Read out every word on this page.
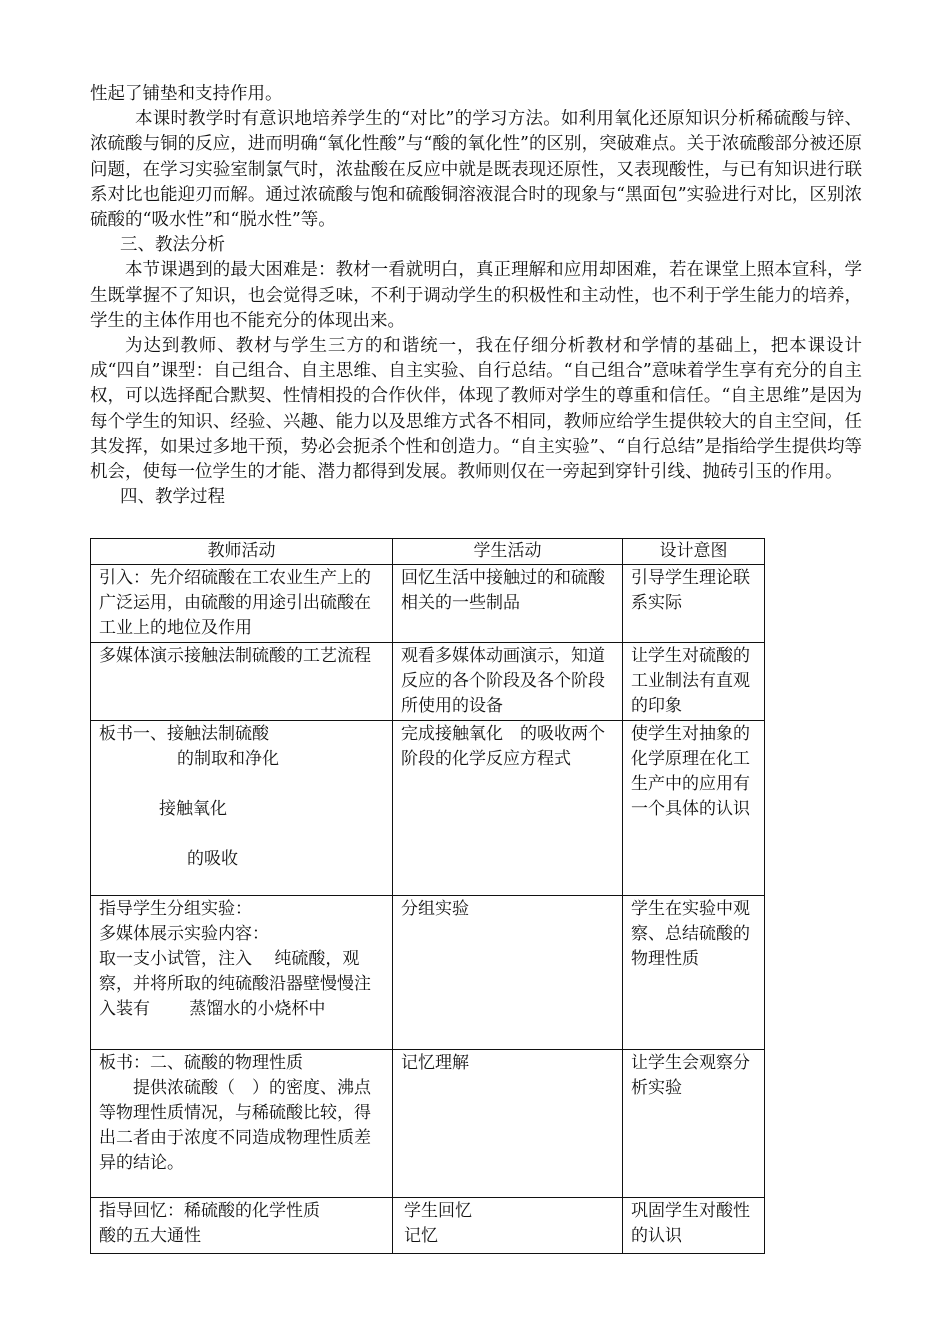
性起了铺垫和支持作用。

本课时教学时有意识地培养学生的“对比”的学习方法。如利用氧化还原知识分析稀硫酸与锌、浓硫酸与铜的反应，进而明确“氧化性酸”与“酸的氧化性”的区别，突破难点。关于浓硫酸部分被还原问题，在学习实验室制氯气时，浓盐酸在反应中就是既表现还原性，又表现酸性，与已有知识进行联系对比也能迎刃而解。通过浓硫酸与饱和硫酸铜溶液混合时的现象与“黑面包”实验进行对比，区别浓硫酸的“吸水性”和“脱水性”等。

三、教法分析

本节课遇到的最大困难是：教材一看就明白，真正理解和应用却困难，若在课堂上照本宣科，学生既掌握不了知识，也会觉得乏味，不利于调动学生的积极性和主动性，也不利于学生能力的培养，学生的主体作用也不能充分的体现出来。

为达到教师、教材与学生三方的和谐统一，我在仔细分析教材和学情的基础上，把本课设计成“四自”课型：自己组合、自主思维、自主实验、自行总结。“自己组合”意味着学生享有充分的自主权，可以选择配合默契、性情相投的合作伙伴，体现了教师对学生的尊重和信任。“自主思维”是因为每个学生的知识、经验、兴趣、能力以及思维方式各不相同，教师应给学生提供较大的自主空间，任其发挥，如果过多地干预，势必会扼杀个性和创造力。“自主实验”、“自行总结”是指给学生提供均等机会，使每一位学生的才能、潜力都得到发展。教师则仅在一旁起到穿针引线、抛砖引玉的作用。

四、教学过程

教师活动	学生活动	设计意图
引入：先介绍硫酸在工农业生产上的广泛运用，由硫酸的用途引出硫酸在工业上的地位及作用	回忆生活中接触过的和硫酸相关的一些制品	引导学生理论联系实际
多媒体演示接触法制硫酸的工艺流程	观看多媒体动画演示，知道反应的各个阶段及各个阶段所使用的设备	让学生对硫酸的工业制法有直观的印象

板书一、接触法制硫酸
的制取和净化
接触氧化
的吸收	完成接触氧化　的吸收两个阶段的化学反应方程式	使学生对抽象的化学原理在化工生产中的应用有一个具体的认识

指导学生分组实验：
多媒体展示实验内容：
取一支小试管，注入　 纯硫酸，观察，并将所取的纯硫酸沿器壁慢慢注入装有　　 蒸馏水的小烧杯中	分组实验	学生在实验中观察、总结硫酸的物理性质

板书：二、硫酸的物理性质
提供浓硫酸（　）的密度、沸点等物理性质情况，与稀硫酸比较，得出二者由于浓度不同造成物理性质差异的结论。	记忆理解	让学生会观察分析实验

指导回忆：稀硫酸的化学性质
酸的五大通性	学生回忆
记忆	巩固学生对酸性的认识
